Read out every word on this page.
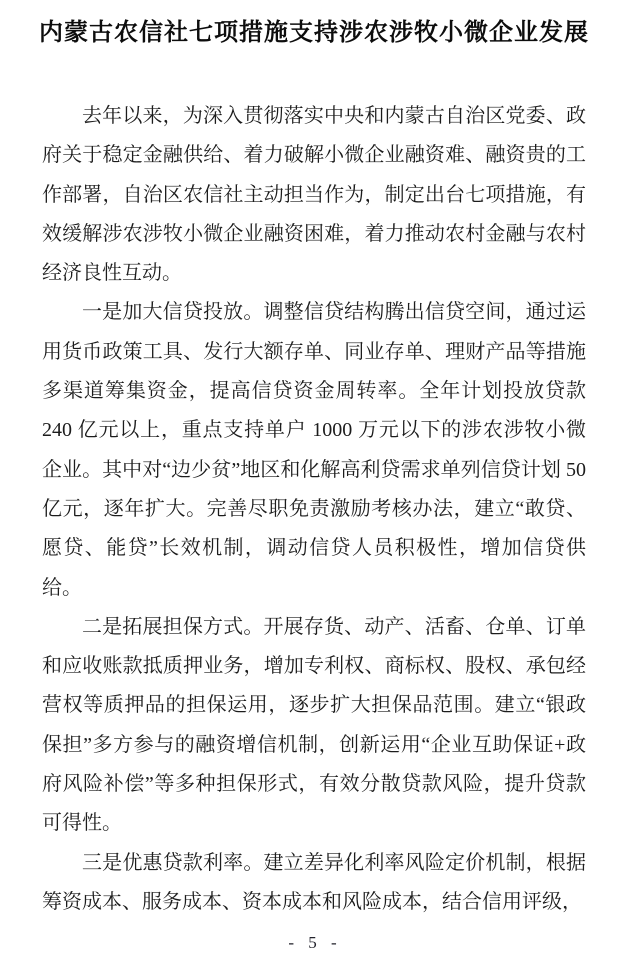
内蒙古农信社七项措施支持涉农涉牧小微企业发展

去年以来，为深入贯彻落实中央和内蒙古自治区党委、政府关于稳定金融供给、着力破解小微企业融资难、融资贵的工作部署，自治区农信社主动担当作为，制定出台七项措施，有效缓解涉农涉牧小微企业融资困难，着力推动农村金融与农村经济良性互动。

一是加大信贷投放。调整信贷结构腾出信贷空间，通过运用货币政策工具、发行大额存单、同业存单、理财产品等措施多渠道筹集资金，提高信贷资金周转率。全年计划投放贷款 240 亿元以上，重点支持单户 1000 万元以下的涉农涉牧小微企业。其中对“边少贫”地区和化解高利贷需求单列信贷计划 50 亿元，逐年扩大。完善尽职免责激励考核办法，建立“敢贷、愿贷、能贷”长效机制，调动信贷人员积极性，增加信贷供给。

二是拓展担保方式。开展存货、动产、活畜、仓单、订单和应收账款抵质押业务，增加专利权、商标权、股权、承包经营权等质押品的担保运用，逐步扩大担保品范围。建立“银政保担”多方参与的融资增信机制，创新运用“企业互助保证+政府风险补偿”等多种担保形式，有效分散贷款风险，提升贷款可得性。

三是优惠贷款利率。建立差异化利率风险定价机制，根据筹资成本、服务成本、资本成本和风险成本，结合信用评级，

- 5 -
